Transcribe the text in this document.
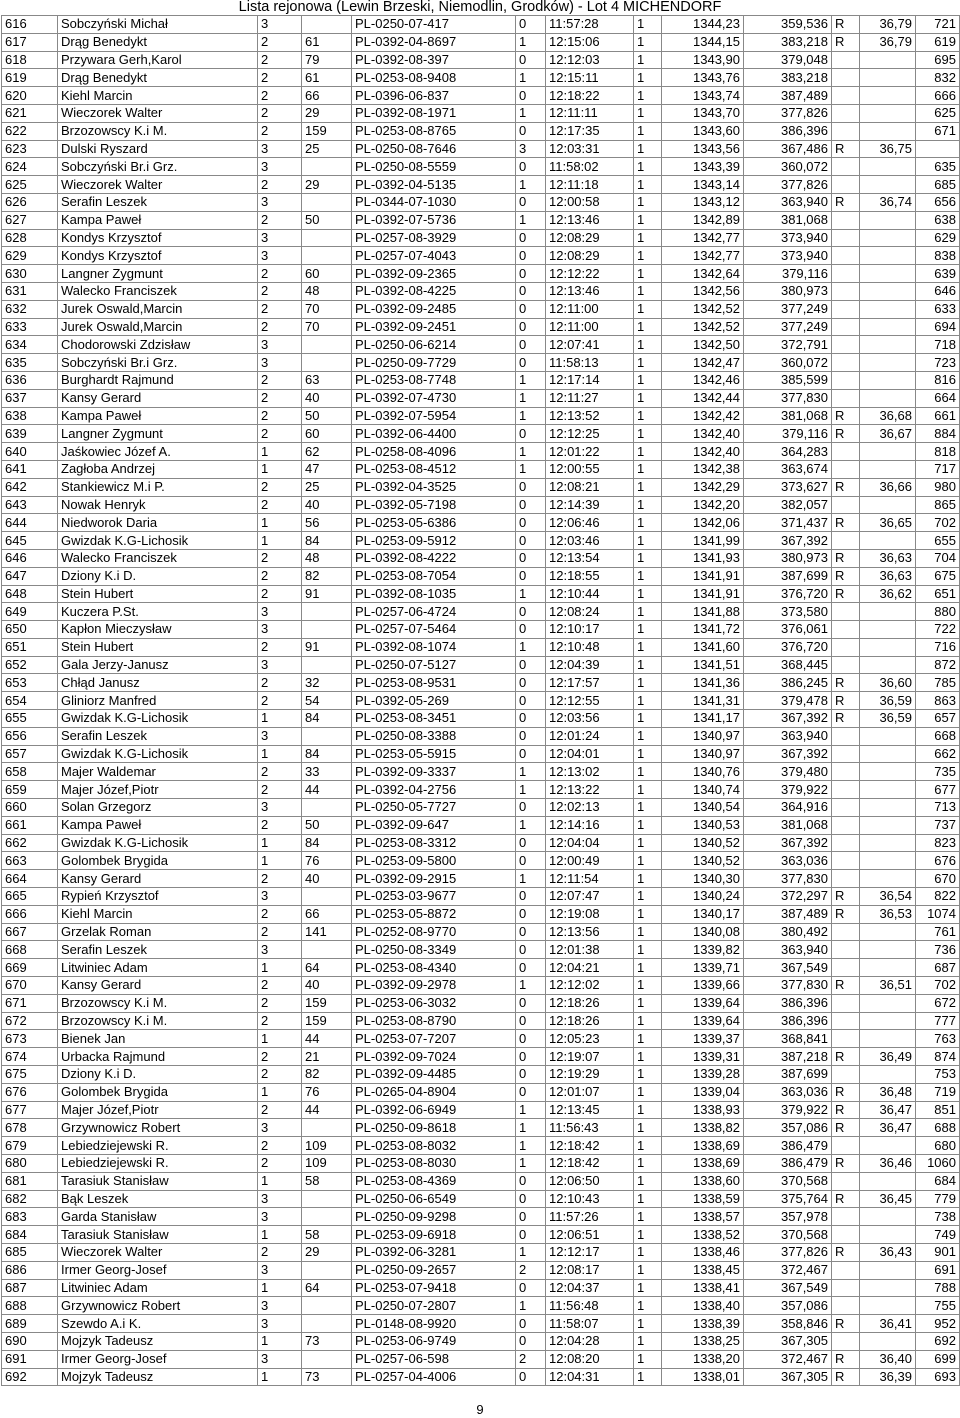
Lista rejonowa (Lewin Brzeski, Niemodlin, Grodków) - Lot 4 MICHENDORF
616	Sobczyński Michał	3		PL-0250-07-417	0	11:57:28	1	1344,23	359,536	R	36,79	721
617	Drąg Benedykt	2	61	PL-0392-04-8697	1	12:15:06	1	1344,15	383,218	R	36,79	619
618	Przywara Gerh,Karol	2	79	PL-0392-08-397	0	12:12:03	1	1343,90	379,048			695
619	Drąg Benedykt	2	61	PL-0253-08-9408	1	12:15:11	1	1343,76	383,218			832
620	Kiehl Marcin	2	66	PL-0396-06-837	0	12:18:22	1	1343,74	387,489			666
621	Wieczorek Walter	2	29	PL-0392-08-1971	1	12:11:11	1	1343,70	377,826			625
622	Brzozowscy K.i M.	2	159	PL-0253-08-8765	0	12:17:35	1	1343,60	386,396			671
623	Dulski Ryszard	3	25	PL-0250-08-7646	3	12:03:31	1	1343,56	367,486	R	36,75	
624	Sobczyński Br.i Grz.	3		PL-0250-08-5559	0	11:58:02	1	1343,39	360,072			635
625	Wieczorek Walter	2	29	PL-0392-04-5135	1	12:11:18	1	1343,14	377,826			685
626	Serafin Leszek	3		PL-0344-07-1030	0	12:00:58	1	1343,12	363,940	R	36,74	656
627	Kampa Paweł	2	50	PL-0392-07-5736	1	12:13:46	1	1342,89	381,068			638
628	Kondys Krzysztof	3		PL-0257-08-3929	0	12:08:29	1	1342,77	373,940			629
629	Kondys Krzysztof	3		PL-0257-07-4043	0	12:08:29	1	1342,77	373,940			838
630	Langner Zygmunt	2	60	PL-0392-09-2365	0	12:12:22	1	1342,64	379,116			639
631	Walecko Franciszek	2	48	PL-0392-08-4225	0	12:13:46	1	1342,56	380,973			646
632	Jurek Oswald,Marcin	2	70	PL-0392-09-2485	0	12:11:00	1	1342,52	377,249			633
633	Jurek Oswald,Marcin	2	70	PL-0392-09-2451	0	12:11:00	1	1342,52	377,249			694
634	Chodorowski Zdzisław	3		PL-0250-06-6214	0	12:07:41	1	1342,50	372,791			718
635	Sobczyński Br.i Grz.	3		PL-0250-09-7729	0	11:58:13	1	1342,47	360,072			723
636	Burghardt Rajmund	2	63	PL-0253-08-7748	1	12:17:14	1	1342,46	385,599			816
637	Kansy Gerard	2	40	PL-0392-07-4730	1	12:11:27	1	1342,44	377,830			664
638	Kampa Paweł	2	50	PL-0392-07-5954	1	12:13:52	1	1342,42	381,068	R	36,68	661
639	Langner Zygmunt	2	60	PL-0392-06-4400	0	12:12:25	1	1342,40	379,116	R	36,67	884
640	Jaśkowiec Józef A.	1	62	PL-0258-08-4096	1	12:01:22	1	1342,40	364,283			818
641	Zagłoba Andrzej	1	47	PL-0253-08-4512	1	12:00:55	1	1342,38	363,674			717
642	Stankiewicz M.i P.	2	25	PL-0392-04-3525	0	12:08:21	1	1342,29	373,627	R	36,66	980
643	Nowak Henryk	2	40	PL-0392-05-7198	0	12:14:39	1	1342,20	382,057			865
644	Niedworok Daria	1	56	PL-0253-05-6386	0	12:06:46	1	1342,06	371,437	R	36,65	702
645	Gwizdak K.G-Lichosik	1	84	PL-0253-09-5912	0	12:03:46	1	1341,99	367,392			655
646	Walecko Franciszek	2	48	PL-0392-08-4222	0	12:13:54	1	1341,93	380,973	R	36,63	704
647	Dziony K.i D.	2	82	PL-0253-08-7054	0	12:18:55	1	1341,91	387,699	R	36,63	675
648	Stein Hubert	2	91	PL-0392-08-1035	1	12:10:44	1	1341,91	376,720	R	36,62	651
649	Kuczera P.St.	3		PL-0257-06-4724	0	12:08:24	1	1341,88	373,580			880
650	Kapłon Mieczysław	3		PL-0257-07-5464	0	12:10:17	1	1341,72	376,061			722
651	Stein Hubert	2	91	PL-0392-08-1074	1	12:10:48	1	1341,60	376,720			716
652	Gala Jerzy-Janusz	3		PL-0250-07-5127	0	12:04:39	1	1341,51	368,445			872
653	Chłąd Janusz	2	32	PL-0253-08-9531	0	12:17:57	1	1341,36	386,245	R	36,60	785
654	Gliniorz Manfred	2	54	PL-0392-05-269	0	12:12:55	1	1341,31	379,478	R	36,59	863
655	Gwizdak K.G-Lichosik	1	84	PL-0253-08-3451	0	12:03:56	1	1341,17	367,392	R	36,59	657
656	Serafin Leszek	3		PL-0250-08-3388	0	12:01:24	1	1340,97	363,940			668
657	Gwizdak K.G-Lichosik	1	84	PL-0253-05-5915	0	12:04:01	1	1340,97	367,392			662
658	Majer Waldemar	2	33	PL-0392-09-3337	1	12:13:02	1	1340,76	379,480			735
659	Majer Józef,Piotr	2	44	PL-0392-04-2756	1	12:13:22	1	1340,74	379,922			677
660	Solan Grzegorz	3		PL-0250-05-7727	0	12:02:13	1	1340,54	364,916			713
661	Kampa Paweł	2	50	PL-0392-09-647	1	12:14:16	1	1340,53	381,068			737
662	Gwizdak K.G-Lichosik	1	84	PL-0253-08-3312	0	12:04:04	1	1340,52	367,392			823
663	Golombek Brygida	1	76	PL-0253-09-5800	0	12:00:49	1	1340,52	363,036			676
664	Kansy Gerard	2	40	PL-0392-09-2915	1	12:11:54	1	1340,30	377,830			670
665	Rypień Krzysztof	3		PL-0253-03-9677	0	12:07:47	1	1340,24	372,297	R	36,54	822
666	Kiehl Marcin	2	66	PL-0253-05-8872	0	12:19:08	1	1340,17	387,489	R	36,53	1074
667	Grzelak Roman	2	141	PL-0252-08-9770	0	12:13:56	1	1340,08	380,492			761
668	Serafin Leszek	3		PL-0250-08-3349	0	12:01:38	1	1339,82	363,940			736
669	Litwiniec Adam	1	64	PL-0253-08-4340	0	12:04:21	1	1339,71	367,549			687
670	Kansy Gerard	2	40	PL-0392-09-2978	1	12:12:02	1	1339,66	377,830	R	36,51	702
671	Brzozowscy K.i M.	2	159	PL-0253-06-3032	0	12:18:26	1	1339,64	386,396			672
672	Brzozowscy K.i M.	2	159	PL-0253-08-8790	0	12:18:26	1	1339,64	386,396			777
673	Bienek Jan	1	44	PL-0253-07-7207	0	12:05:23	1	1339,37	368,841			763
674	Urbacka Rajmund	2	21	PL-0392-09-7024	0	12:19:07	1	1339,31	387,218	R	36,49	874
675	Dziony K.i D.	2	82	PL-0392-09-4485	0	12:19:29	1	1339,28	387,699			753
676	Golombek Brygida	1	76	PL-0265-04-8904	0	12:01:07	1	1339,04	363,036	R	36,48	719
677	Majer Józef,Piotr	2	44	PL-0392-06-6949	1	12:13:45	1	1338,93	379,922	R	36,47	851
678	Grzywnowicz Robert	3		PL-0250-09-8618	1	11:56:43	1	1338,82	357,086	R	36,47	688
679	Lebiedziejewski R.	2	109	PL-0253-08-8032	1	12:18:42	1	1338,69	386,479			680
680	Lebiedziejewski R.	2	109	PL-0253-08-8030	1	12:18:42	1	1338,69	386,479	R	36,46	1060
681	Tarasiuk Stanisław	1	58	PL-0253-08-4369	0	12:06:50	1	1338,60	370,568			684
682	Bąk Leszek	3		PL-0250-06-6549	0	12:10:43	1	1338,59	375,764	R	36,45	779
683	Garda Stanisław	3		PL-0250-09-9298	0	11:57:26	1	1338,57	357,978			738
684	Tarasiuk Stanisław	1	58	PL-0253-09-6918	0	12:06:51	1	1338,52	370,568			749
685	Wieczorek Walter	2	29	PL-0392-06-3281	1	12:12:17	1	1338,46	377,826	R	36,43	901
686	Irmer Georg-Josef	3		PL-0250-09-2657	2	12:08:17	1	1338,45	372,467			691
687	Litwiniec Adam	1	64	PL-0253-07-9418	0	12:04:37	1	1338,41	367,549			788
688	Grzywnowicz Robert	3		PL-0250-07-2807	1	11:56:48	1	1338,40	357,086			755
689	Szewdo A.i K.	3		PL-0148-08-9920	0	11:58:07	1	1338,39	358,846	R	36,41	952
690	Mojzyk Tadeusz	1	73	PL-0253-06-9749	0	12:04:28	1	1338,25	367,305			692
691	Irmer Georg-Josef	3		PL-0257-06-598	2	12:08:20	1	1338,20	372,467	R	36,40	699
692	Mojzyk Tadeusz	1	73	PL-0257-04-4006	0	12:04:31	1	1338,01	367,305	R	36,39	693
9
